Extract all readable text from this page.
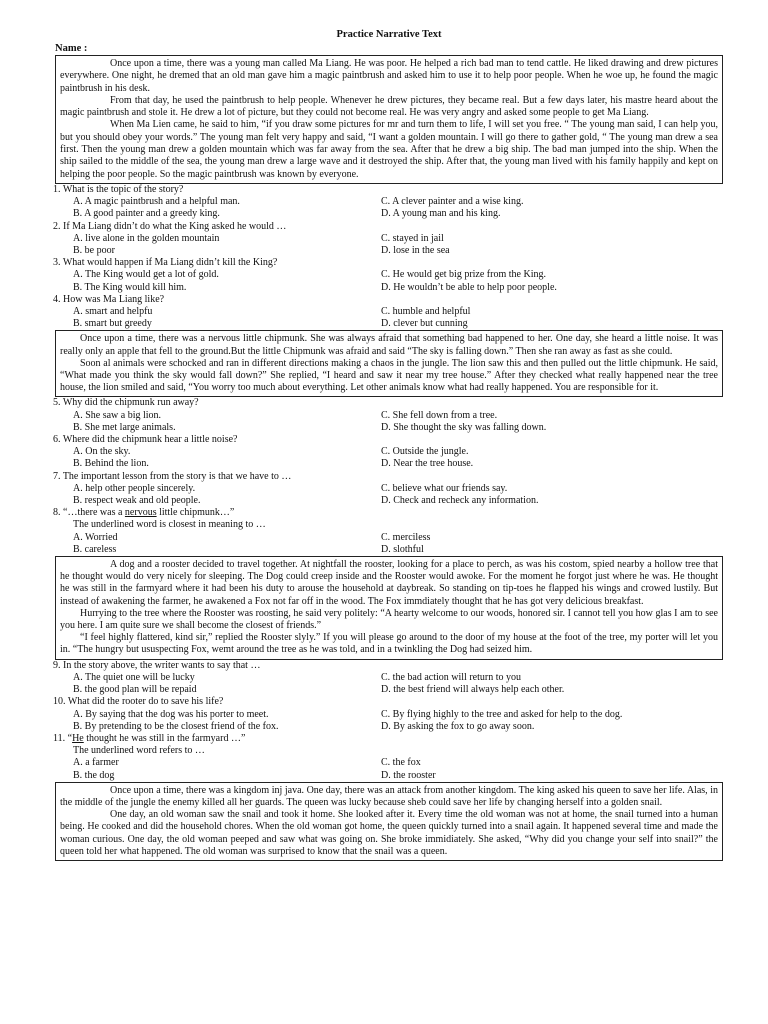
Practice Narrative Text
Name :

Once upon a time, there was a young man called Ma Liang. He was poor. He helped a rich bad man to tend cattle. He liked drawing and drew pictures everywhere. One night, he dremed that an old man gave him a magic paintbrush and asked him to use it to help poor people. When he woe up, he found the magic paintbrush in his desk.

From that day, he used the paintbrush to help people. Whenever he drew pictures, they became real. But a few days later, his mastre heard about the magic paintbrush and stole it. He drew a lot of picture, but they could not become real. He was very angry and asked some people to get Ma Liang.

When Ma Lien came, he said to him, “if you draw some pictures for mr and turn them to life, I will set you free. “ The young man said, I can help you, but you should obey your words.” The young man felt very happy and said, “I want a golden mountain. I will go there to gather gold, “ The young man drew a sea first. Then the young man drew a golden mountain which was far away from the sea. After that he drew a big ship. The bad man jumped into the ship. When the ship sailed to the middle of the sea, the young man drew a large wave and it destroyed the ship. After that, the young man lived with his family happily and kept on helping the poor people. So the magic paintbrush was known by everyone.

1. What is the topic of the story?
A. A magic paintbrush and a helpful man.	C. A clever painter and a wise king.
B. A good painter and a greedy king.	D. A young man and his king.
2. If Ma Liang didn’t do what the King asked he would …
A. live alone in the golden mountain	C. stayed in jail
B. be poor	D. lose in the sea
3. What would happen if Ma Liang didn’t kill the King?
A. The King would get a lot of gold.	C. He would get big prize from the King.
B. The King would kill him.	D. He wouldn’t be able to help poor people.
4. How was Ma Liang like?
A. smart and helpfu	C. humble and helpful
B. smart but greedy	D. clever but cunning

Once upon a time, there was a nervous little chipmunk. She was always afraid that something bad happened to her. One day, she heard a little noise. It was really only an apple that fell to the ground.But the little Chipmunk was afraid and said “The sky is falling down.” Then she ran away as fast as she could.

Soon al animals were schocked and ran in different directions making a chaos in the jungle. The lion saw this and then pulled out the little chipmunk. He said, “What made you think the sky would fall down?” She replied, “I heard and saw it near my tree house.” After they checked what really happened near the tree house, the lion smiled and said, “You worry too much about everything. Let other animals know what had really happened. You are responsible for it.

5. Why did the chipmunk run away?
A. She saw a big lion.	C. She fell down from a tree.
B. She met large animals.	D. She thought the sky was falling down.
6. Where did the chipmunk hear a little noise?
A. On the sky.	C. Outside the jungle.
B. Behind the lion.	D. Near the tree house.
7. The important lesson from the story is that we have to …
A. help other people sincerely.	C. believe what our friends say.
B. respect weak and old people.	D. Check and recheck any information.
8. “…there was a nervous little chipmunk…”
The underlined word is closest in meaning to …
A. Worried	C. merciless
B. careless	D. slothful

A dog and a rooster decided to travel together. At nightfall the rooster, looking for a place to perch, as was his costom, spied nearby a hollow tree that he thought would do very nicely for sleeping. The Dog could creep inside and the Rooster would awoke. For the moment he forgot just where he was. He thought he was still in the farmyard where it had been his duty to arouse the household at daybreak. So standing on tip-toes he flapped his wings and crowed lustily. But instead of awakening the farmer, he awakened a Fox not far off in the wood. The Fox immdiately thought that he has got very delicious breakfast.

Hurrying to the tree where the Rooster was roosting, he said very politely: “A hearty welcome to our woods, honored sir. I cannot tell you how glas I am to see you here. I am quite sure we shall become the closest of friends.”

“I feel highly flattered, kind sir,” replied the Rooster slyly.” If you will please go around to the door of my house at the foot of the tree, my porter will let you in. “The hungry but ususpecting Fox, wemt around the tree as he was told, and in a twinkling the Dog had seized him.

9. In the story above, the writer wants to say that …
A. The quiet one will be lucky	C. the bad action will return to you
B. the good plan will be repaid	D. the best friend will always help each other.
10. What did the rooter do to save his life?
A. By saying that the dog was his porter to meet.	C. By flying highly to the tree and asked for help to the dog.
B. By pretending to be the closest friend of the fox.	D. By asking the fox to go away soon.
11. “He thought he was still in the farmyard …”
The underlined word refers to …
A. a farmer	C. the fox
B. the dog	D. the rooster

Once upon a time, there was a kingdom inj java. One day, there was an attack from another kingdom. The king asked his queen to save her life. Alas, in the middle of the jungle the enemy killed all her guards. The queen was lucky because sheb could save her life by changing herself into a golden snail.

One day, an old woman saw the snail and took it home. She looked after it. Every time the old woman was not at home, the snail turned into a human being. He cooked and did the household chores. When the old woman got home, the queen quickly turned into a snail again. It happened several time and made the woman curious. One day, the old woman peeped and saw what was going on. She broke immidiately. She asked, “Why did you change your self into snail?” the queen told her what happened. The old woman was surprised to know that the snail was a queen.
